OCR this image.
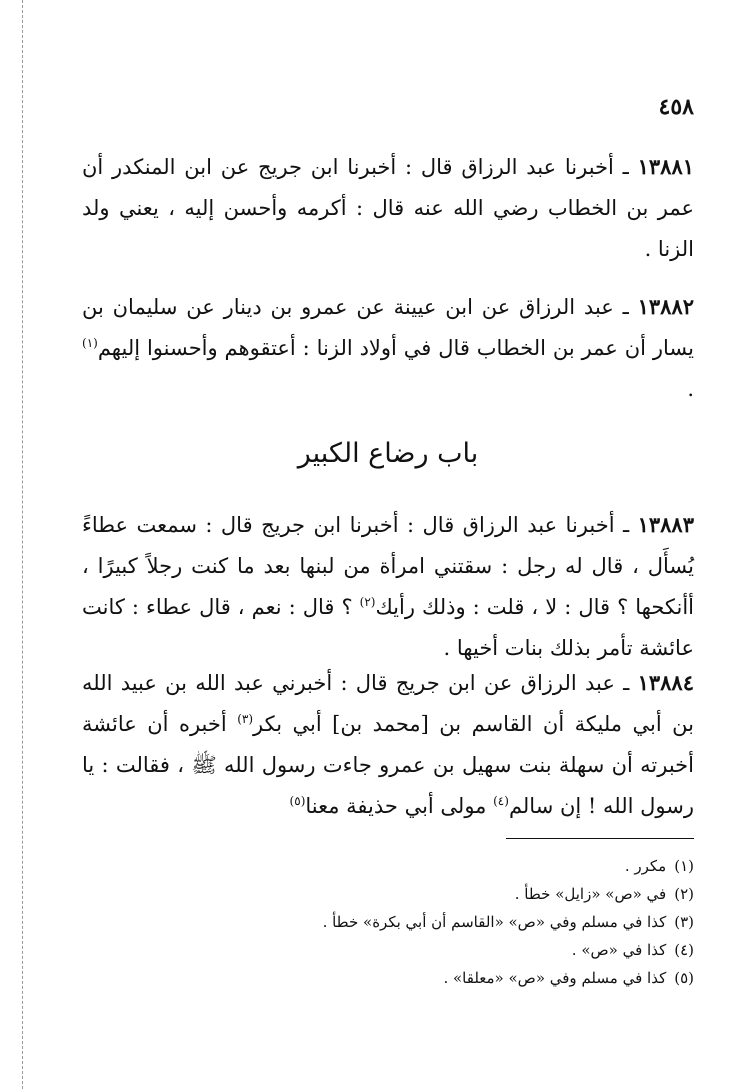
٤٥٨

١٣٨٨١ ـ أخبرنا عبد الرزاق قال : أخبرنا ابن جريج عن ابن المنكدر أن عمر بن الخطاب رضي الله عنه قال : أكرمه وأحسن إليه ، يعني ولد الزنا .

١٣٨٨٢ ـ عبد الرزاق عن ابن عيينة عن عمرو بن دينار عن سليمان بن يسار أن عمر بن الخطاب قال في أولاد الزنا : أعتقوهم وأحسنوا إليهم$^{(١)}$ .

باب رضاع الكبير

١٣٨٨٣ ـ أخبرنا عبد الرزاق قال : أخبرنا ابن جريج قال : سمعت عطاءً يُسأَل ، قال له رجل : سقتني امرأة من لبنها بعد ما كنت رجلاً كبيرًا ، أأنكحها ؟ قال : لا ، قلت : وذلك رأيك$^{(٢)}$ ؟ قال : نعم ، قال عطاء : كانت عائشة تأمر بذلك بنات أخيها .

١٣٨٨٤ ـ عبد الرزاق عن ابن جريج قال : أخبرني عبد الله بن عبيد الله بن أبي مليكة أن القاسم بن [محمد بن] أبي بكر$^{(٣)}$ أخبره أن عائشة أخبرته أن سهلة بنت سهيل بن عمرو جاءت رسول الله ﷺ ، فقالت : يا رسول الله ! إن سالم$^{(٤)}$ مولى أبي حذيفة معنا$^{(٥)}$

(١)مكرر .
(٢)في «ص» «زايل» خطأ .
(٣)كذا في مسلم وفي «ص» «القاسم أن أبي بكرة» خطأ .
(٤)كذا في «ص» .
(٥)كذا في مسلم وفي «ص» «معلقا» .
